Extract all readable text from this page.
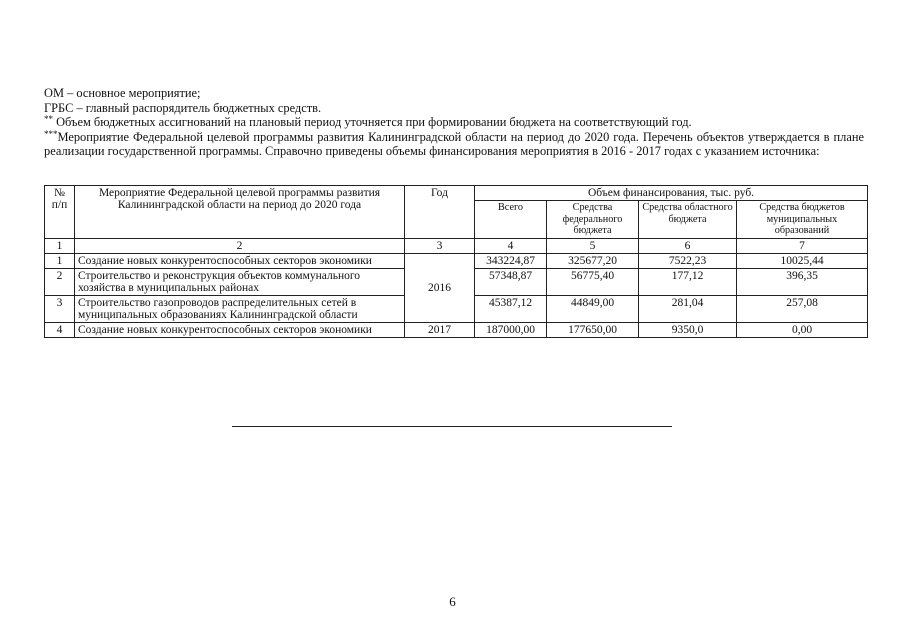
ОМ – основное мероприятие;

ГРБС – главный распорядитель бюджетных средств.

** Объем бюджетных ассигнований на плановый период уточняется при формировании бюджета на соответствующий год.

***Мероприятие Федеральной целевой программы развития Калининградской области на период до 2020 года. Перечень объектов утверждается в плане реализации государственной программы. Справочно приведены объемы финансирования мероприятия в 2016 - 2017 годах с указанием источника:

№ п/п	Мероприятие Федеральной целевой программы развития Калининградской области на период до 2020 года	Год	Объем финансирования, тыс. руб.			
			Всего	Средства федерального бюджета	Средства областного бюджета	Средства бюджетов муниципальных образований
1	2	3	4	5	6	7
1	Создание новых конкурентоспособных секторов экономики	2016	343224,87	325677,20	7522,23	10025,44
2	Строительство и реконструкция объектов коммунального хозяйства в муниципальных районах		57348,87	56775,40	177,12	396,35
3	Строительство газопроводов распределительных сетей в муниципальных образованиях Калининградской области		45387,12	44849,00	281,04	257,08
4	Создание новых конкурентоспособных секторов экономики	2017	187000,00	177650,00	9350,0	0,00
6
